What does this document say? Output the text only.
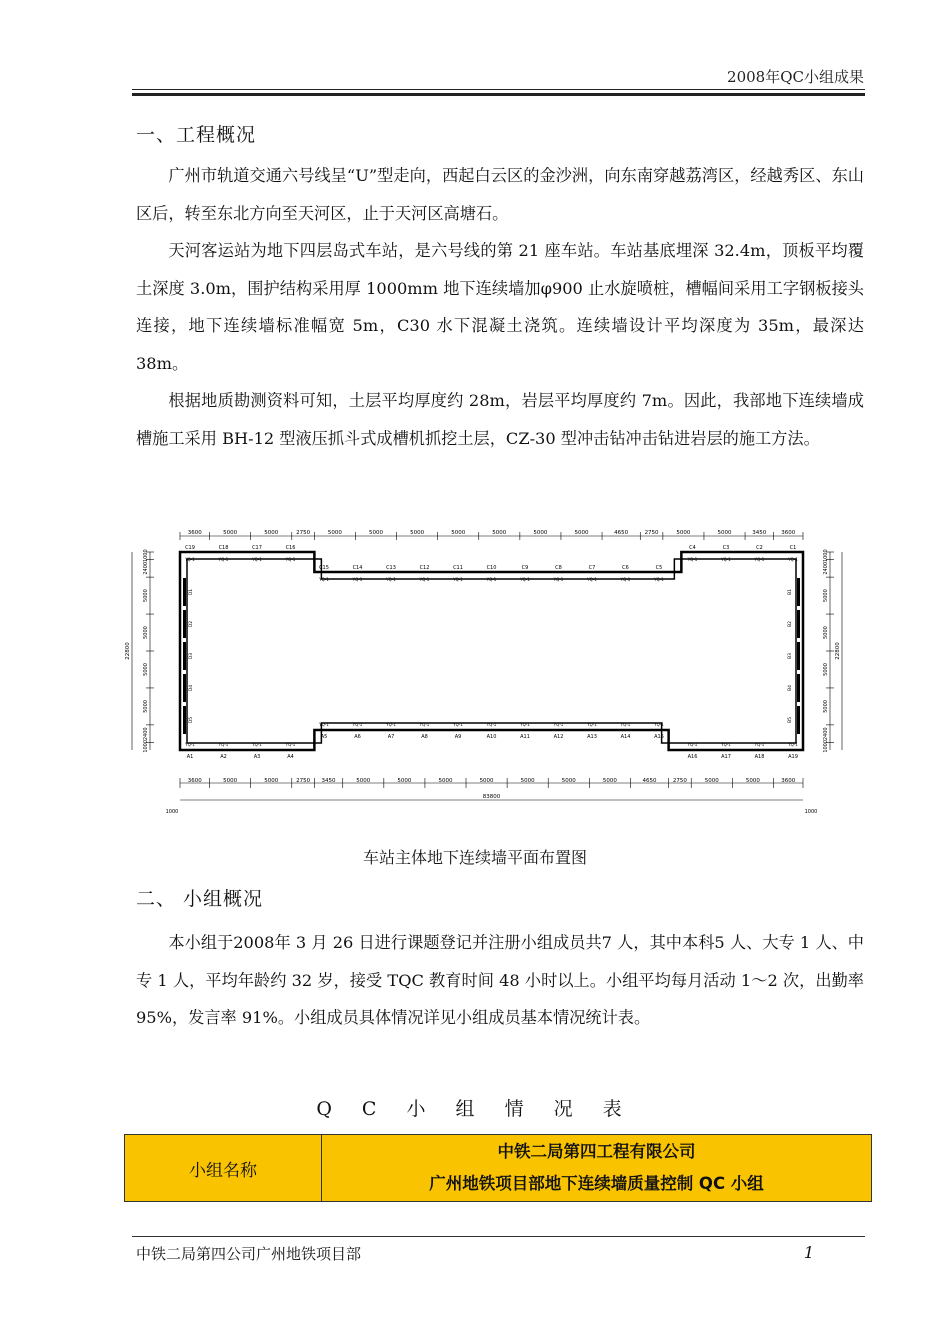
2008年QC小组成果
一、工程概况

广州市轨道交通六号线呈“U”型走向，西起白云区的金沙洲，向东南穿越荔湾区，经越秀区、东山区后，转至东北方向至天河区，止于天河区高塘石。

天河客运站为地下四层岛式车站，是六号线的第 21 座车站。车站基底埋深 32.4m，顶板平均覆土深度 3.0m，围护结构采用厚 1000mm 地下连续墙加φ900 止水旋喷桩，槽幅间采用工字钢板接头连接，地下连续墙标准幅宽 5m，C30 水下混凝土浇筑。连续墙设计平均深度为 35m，最深达 38m。

根据地质勘测资料可知，土层平均厚度约 28m，岩层平均厚度约 7m。因此，我部地下连续墙成槽施工采用 BH-12 型液压抓斗式成槽机抓挖土层，CZ-30 型冲击钻冲击钻进岩层的施工方法。

3600	5000	5000	2750	5000	5000	5000	5000	5000	5000	5000	4650	2750	5000	5000	3450	3600
C19
YQ-1
C18
YQ-1
C17
YQ-1
C16
YQ-1
C15
YQ-1
C14
YQ-1
C13
YQ-1
C12
YQ-1
C11
YQ-1
C10
YQ-1
C9
YQ-1
C8
YQ-1
C7
YQ-1
C6
YQ-1
C5
YQ-1
C4
YQ-1
C3
YQ-1
C2
YQ-1
C1
YQ-1
A1
YQ-1
A2
YQ-1
A3
YQ-1
A4
YQ-1
A5
YQ-1
A6
YQ-1
A7
YQ-1
A8
YQ-1
A9
YQ-1
A10
YQ-1
A11
YQ-1
A12
YQ-1
A13
YQ-1
A14
YQ-1
A15
YQ-1
A16
YQ-1
A17
YQ-1
A18
YQ-1
A19
YQ-1
3600	5000	5000	2750 3450	5000	5000	5000	5000	5000	5000	5000	4650	2750	5000	5000	3600
83800
1000	1000
1000
2400
5000
5000
5000
5000
2400
1000
22800
1000
2400
5000
5000
5000
5000
2400
1000
22800
D1
D2
D3
D4
D5
B1
B2
B3
B4
B5
车站主体地下连续墙平面布置图
二、 小组概况

本小组于2008年 3 月 26 日进行课题登记并注册小组成员共7 人，其中本科5 人、大专 1 人、中专 1 人，平均年龄约 32 岁，接受 TQC 教育时间 48 小时以上。小组平均每月活动 1～2 次，出勤率 95%，发言率 91%。小组成员具体情况详见小组成员基本情况统计表。

Q C 小 组 情 况 表
小组名称	
中铁二局第四工程有限公司
广州地铁项目部地下连续墙质量控制 QC 小组
中铁二局第四公司广州地铁项目部	1
